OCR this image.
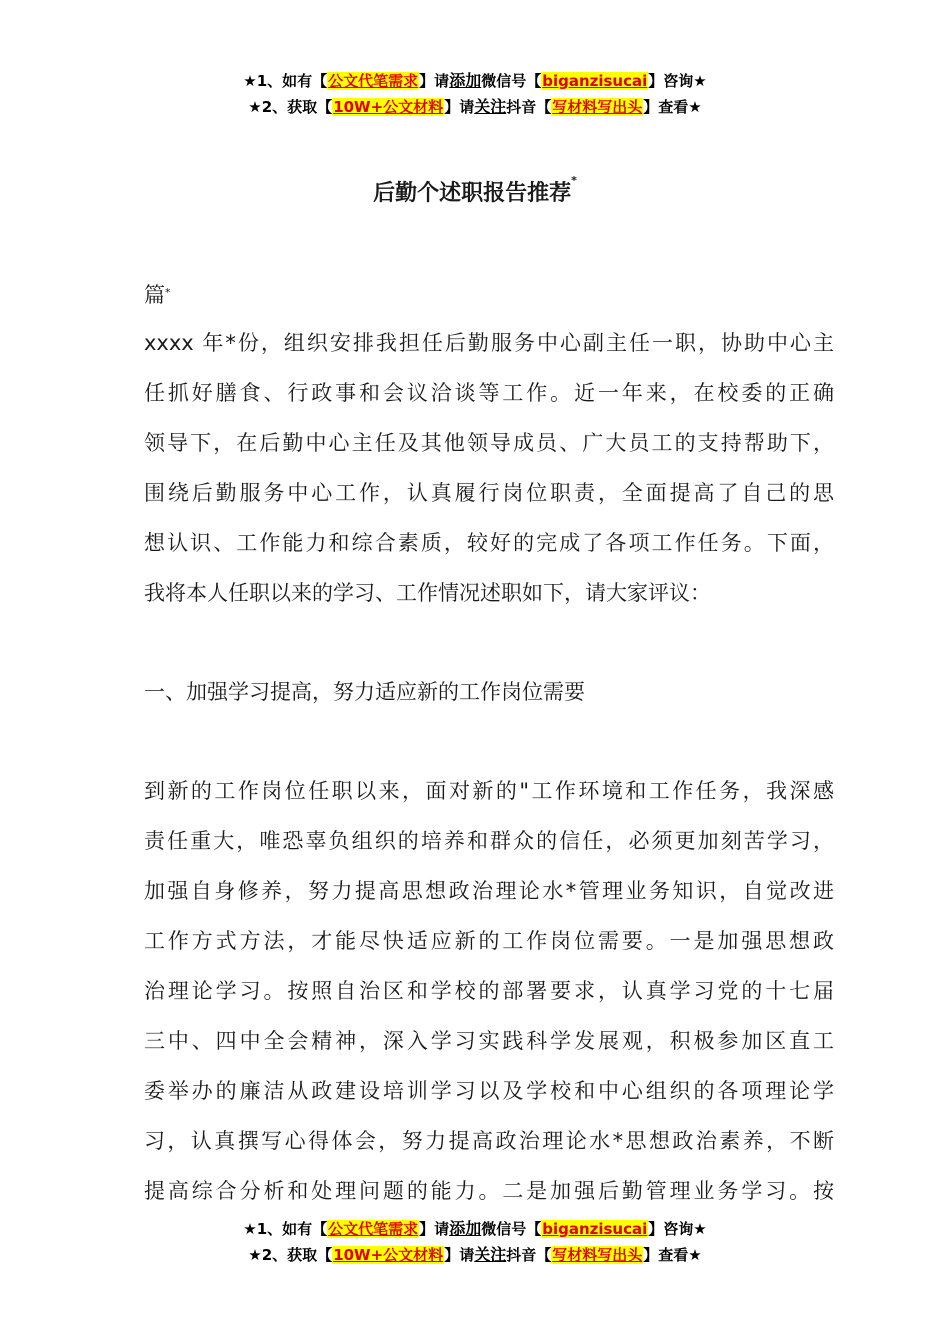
★1、如有【公文代笔需求】请添加微信号【biganzisucai】咨询★
★2、获取【10W+公文材料】请关注抖音【写材料写出头】查看★
后勤个述职报告推荐*
篇*
xxxx 年*份，组织安排我担任后勤服务中心副主任一职，协助中心主
任抓好膳食、行政事和会议洽谈等工作。近一年来，在校委的正确
领导下，在后勤中心主任及其他领导成员、广大员工的支持帮助下，
围绕后勤服务中心工作，认真履行岗位职责，全面提高了自己的思
想认识、工作能力和综合素质，较好的完成了各项工作任务。下面，
我将本人任职以来的学习、工作情况述职如下，请大家评议：
一、加强学习提高，努力适应新的工作岗位需要
到新的工作岗位任职以来，面对新的"工作环境和工作任务，我深感
责任重大，唯恐辜负组织的培养和群众的信任，必须更加刻苦学习，
加强自身修养，努力提高思想政治理论水*管理业务知识，自觉改进
工作方式方法，才能尽快适应新的工作岗位需要。一是加强思想政
治理论学习。按照自治区和学校的部署要求，认真学习党的十七届
三中、四中全会精神，深入学习实践科学发展观，积极参加区直工
委举办的廉洁从政建设培训学习以及学校和中心组织的各项理论学
习，认真撰写心得体会，努力提高政治理论水*思想政治素养，不断
提高综合分析和处理问题的能力。二是加强后勤管理业务学习。按
★1、如有【公文代笔需求】请添加微信号【biganzisucai】咨询★
★2、获取【10W+公文材料】请关注抖音【写材料写出头】查看★
